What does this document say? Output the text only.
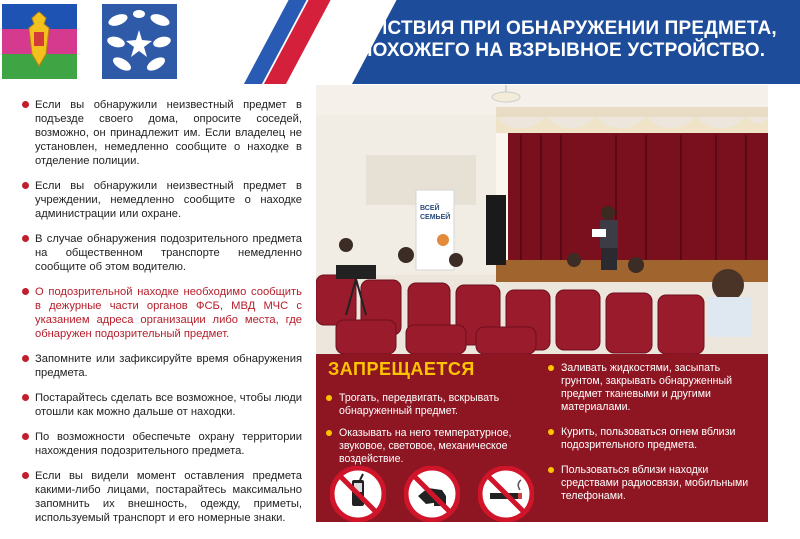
ДЕЙСТВИЯ ПРИ ОБНАРУЖЕНИИ ПРЕДМЕТА,
ПОХОЖЕГО НА ВЗРЫВНОЕ УСТРОЙСТВО.
Если вы обнаружили неизвестный предмет в подъезде своего дома, опросите соседей, возможно, он принадлежит им. Если владелец не установлен, немедленно сообщите о находке в отделение полиции.
Если вы обнаружили неизвестный предмет в учреждении, немедленно сообщите о находке администрации или охране.
В случае обнаружения подозрительного предмета на общественном транспорте немедленно сообщите об этом водителю.
О подозрительной находке необходимо сообщить в дежурные части органов ФСБ, МВД МЧС с указанием адреса организации либо места, где обнаружен подозрительный предмет.
Запомните или зафиксируйте время обнаружения предмета.
Постарайтесь сделать все возможное, чтобы люди отошли как можно дальше от находки.
По возможности обеспечьте охрану территории нахождения подозрительного предмета.
Если вы видели момент оставления предмета какими-либо лицами, постарайтесь максимально запомнить их внешность, одежду, приметы, используемый транспорт и его номерные знаки.
ВСЕЙ
СЕМЬЕЙ
ЗАПРЕЩАЕТСЯ
Трогать, передвигать, вскрывать обнаруженный предмет.
Оказывать на него температурное, звуковое, световое, механическое воздействие.
Заливать жидкостями, засыпать грунтом, закрывать обнаруженный предмет тканевыми и другими материалами.
Курить, пользоваться огнем вблизи подозрительного предмета.
Пользоваться вблизи находки средствами радиосвязи, мобильными телефонами.
